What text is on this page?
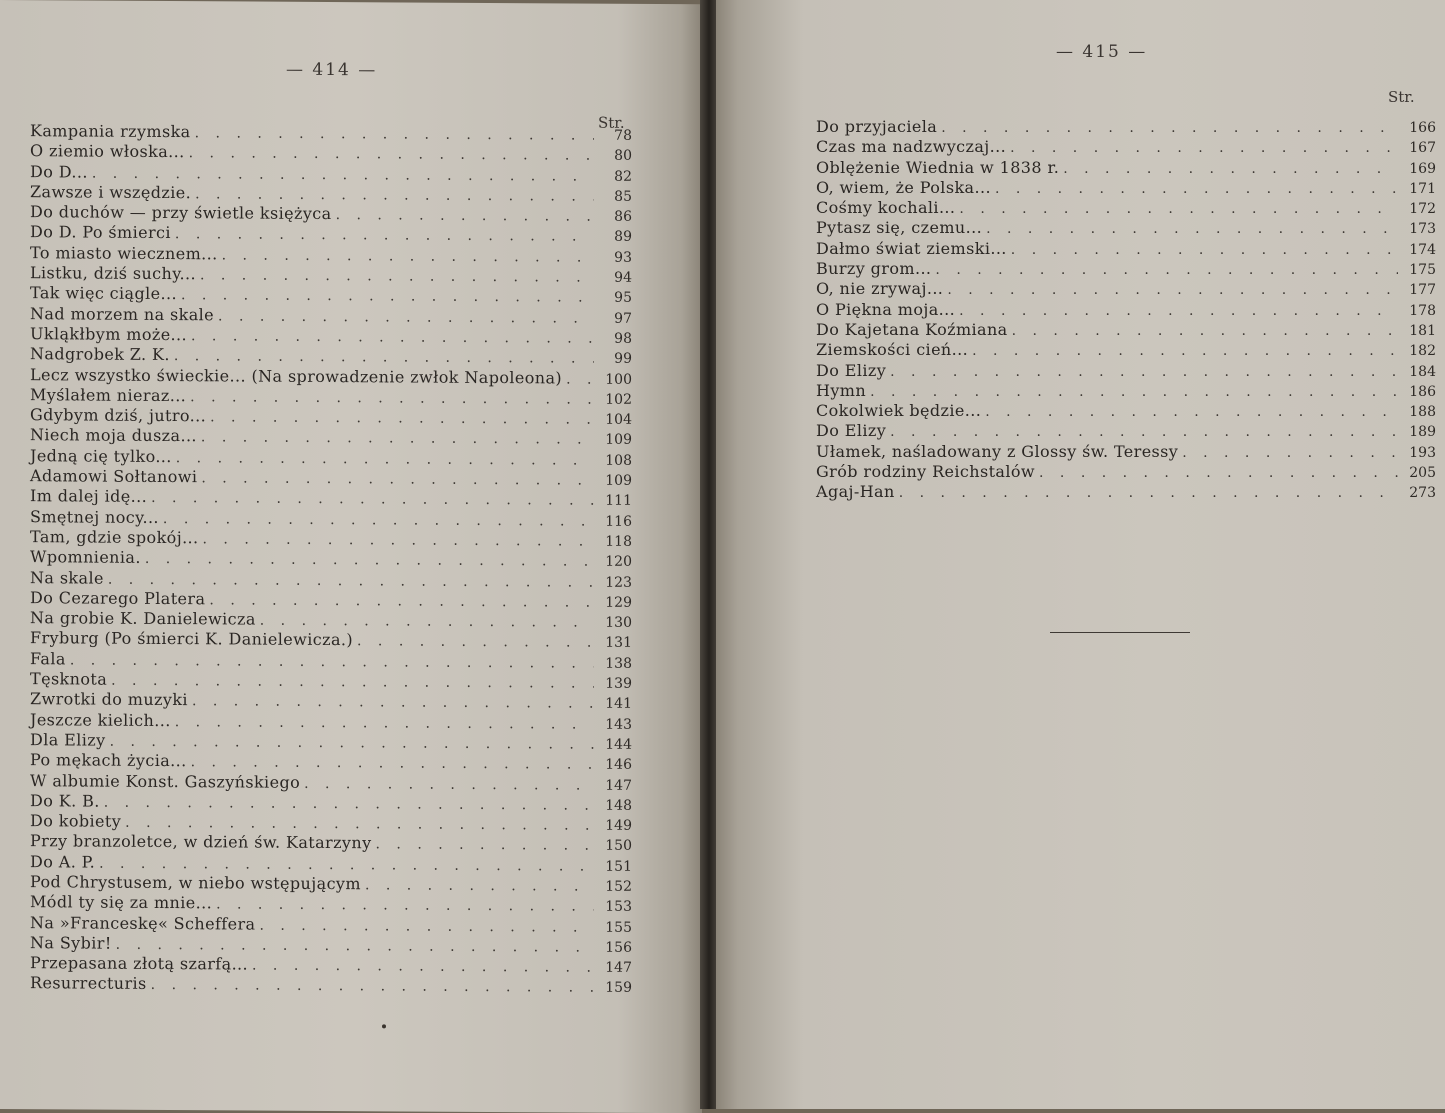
— 414 —
Str.
Kampania rzymska . . .	78
O ziemio włoska... . . .	80
Do D... . . .	82
Zawsze i wszędzie. . . .	85
Do duchów — przy świetle księżyca . . .	86
Do D. Po śmierci . . .	89
To miasto wiecznem... . . .	93
Listku, dziś suchy... . . .	94
Tak więc ciągle... . . .	95
Nad morzem na skale . . .	97
Ukląkłbym może... . . .	98
Nadgrobek Z. K. . . .	99
Lecz wszystko świeckie... (Na sprowadzenie zwłok Napoleona) . . .	100
Myślałem nieraz... . . .	102
Gdybym dziś, jutro... . . .	104
Niech moja dusza... . . .	109
Jedną cię tylko... . . .	108
Adamowi Sołtanowi . . .	109
Im dalej idę... . . .	111
Smętnej nocy... . . .	116
Tam, gdzie spokój... . . .	118
Wpomnienia. . . .	120
Na skale . . .	123
Do Cezarego Platera . . .	129
Na grobie K. Danielewicza . . .	130
Fryburg (Po śmierci K. Danielewicza.) . . .	131
Fala . . .	138
Tęsknota . . .	139
Zwrotki do muzyki . . .	141
Jeszcze kielich... . . .	143
Dla Elizy . . .	144
Po mękach życia... . . .	146
W albumie Konst. Gaszyńskiego . . .	147
Do K. B. . . .	148
Do kobiety . . .	149
Przy branzoletce, w dzień św. Katarzyny . . .	150
Do A. P. . . .	151
Pod Chrystusem, w niebo wstępującym . . .	152
Módl ty się za mnie... . . .	153
Na »Franceskę« Scheffera . . .	155
Na Sybir! . . .	156
Przepasana złotą szarfą... . . .	147
Resurrecturis . . .	159
— 415 —
Str.
Do przyjaciela . . .	166
Czas ma nadzwyczaj... . . .	167
Oblężenie Wiednia w 1838 r. . . .	169
O, wiem, że Polska... . . .	171
Cośmy kochali... . . .	172
Pytasz się, czemu... . . .	173
Dałmo świat ziemski... . . .	174
Burzy grom... . . .	175
O, nie zrywaj... . . .	177
O Piękna moja... . . .	178
Do Kajetana Koźmiana . . .	181
Ziemskości cień... . . .	182
Do Elizy . . .	184
Hymn . . .	186
Cokolwiek będzie... . . .	188
Do Elizy . . .	189
Ułamek, naśladowany z Glossy św. Teressy . . .	193
Grób rodziny Reichstalów . . .	205
Agaj-Han . . .	273
